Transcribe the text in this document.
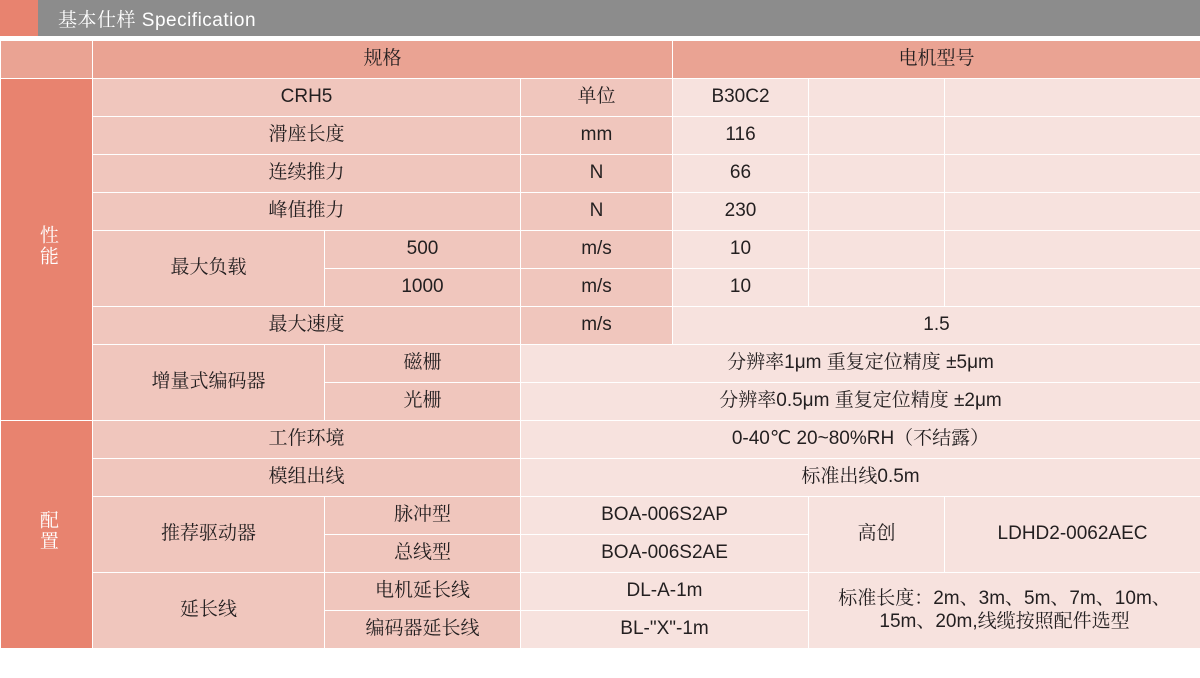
基本仕样 Specification
	规格			电机型号		
性能	CRH5		单位	B30C2		
	滑座长度		mm	116		
	连续推力		N	66		
	峰值推力		N	230		
	最大负载	500	m/s	10		
		1000	m/s	10		
	最大速度		m/s	1.5		
	增量式编码器	磁栅	分辨率1μm 重复定位精度 ±5μm			
		光栅	分辨率0.5μm 重复定位精度 ±2μm			
配置	工作环境		0-40℃ 20~80%RH（不结露）			
	模组出线		标准出线0.5m			
	推荐驱动器	脉冲型	BOA-006S2AP		高创	LDHD2-0062AEC
		总线型	BOA-006S2AE			
	延长线	电机延长线	DL-A-1m		标准长度：2m、3m、5m、7m、10m、15m、20m,线缆按照配件选型	
		编码器延长线	BL-"X"-1m			
